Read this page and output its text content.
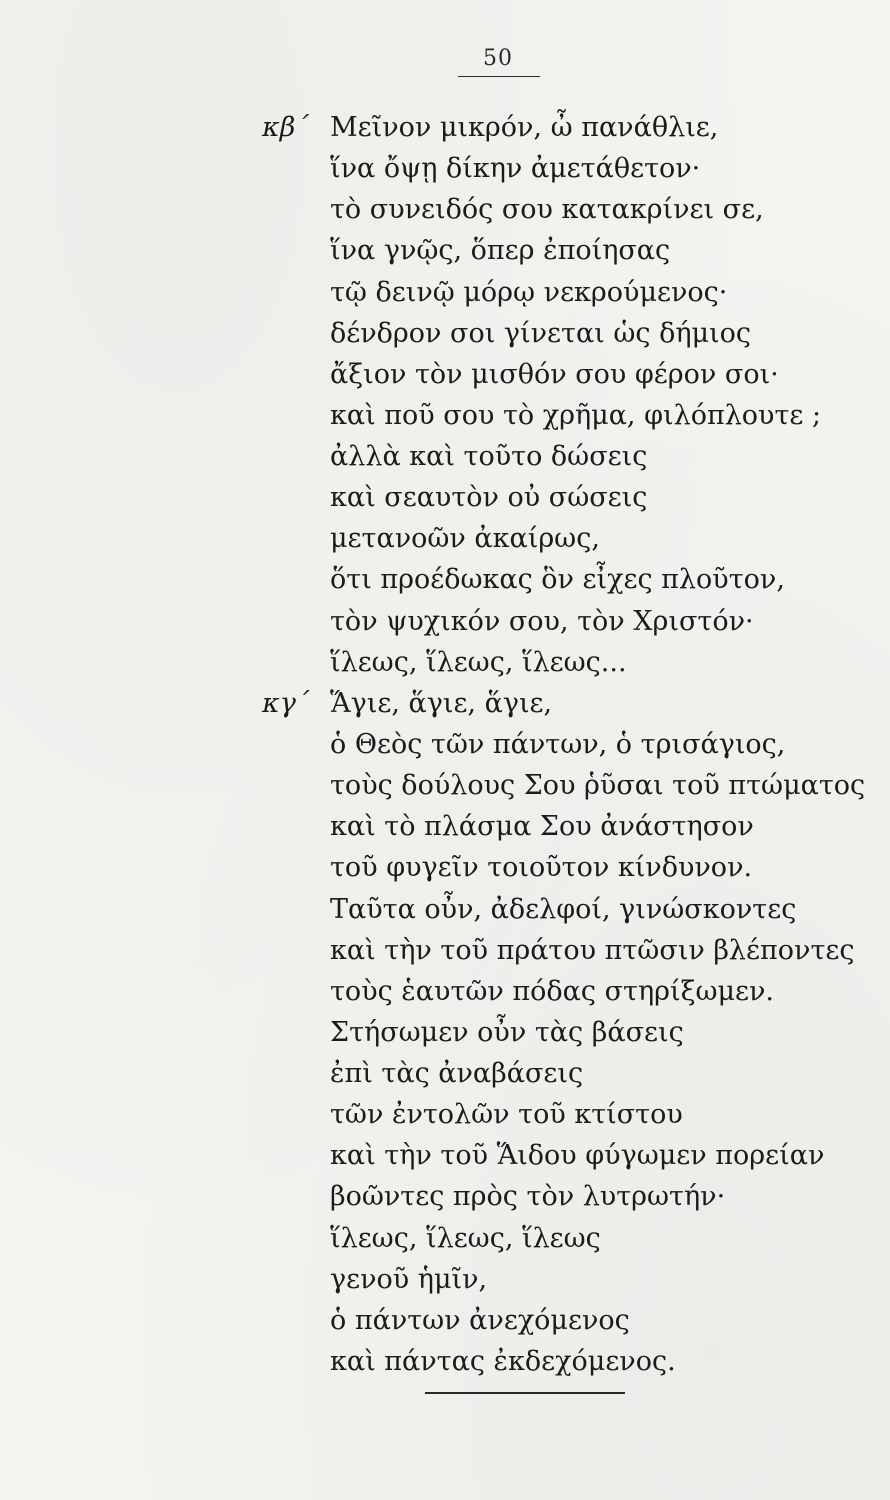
50
κβ΄ Μεῖνον μικρόν, ὦ πανάθλιε,
ἵνα ὄψῃ δίκην ἀμετάθετον·
τὸ συνειδός σου κατακρίνει σε,
ἵνα γνῷς, ὅπερ ἐποίησας
τῷ δεινῷ μόρῳ νεκρούμενος·
δένδρον σοι γίνεται ὡς δήμιος
ἄξιον τὸν μισθόν σου φέρον σοι·
καὶ ποῦ σου τὸ χρῆμα, φιλόπλουτε ;
ἀλλὰ καὶ τοῦτο δώσεις
καὶ σεαυτὸν οὐ σώσεις
μετανοῶν ἀκαίρως,
ὅτι προέδωκας ὃν εἶχες πλοῦτον,
τὸν ψυχικόν σου, τὸν Χριστόν·
ἵλεως, ἵλεως, ἵλεως...
κγ΄ Ἅγιε, ἅγιε, ἅγιε,
ὁ Θεὸς τῶν πάντων, ὁ τρισάγιος,
τοὺς δούλους Σου ῥῦσαι τοῦ πτώματος
καὶ τὸ πλάσμα Σου ἀνάστησον
τοῦ φυγεῖν τοιοῦτον κίνδυνον.
Ταῦτα οὖν, ἀδελφοί, γινώσκοντες
καὶ τὴν τοῦ πράτου πτῶσιν βλέποντες
τοὺς ἑαυτῶν πόδας στηρίξωμεν.
Στήσωμεν οὖν τὰς βάσεις
ἐπὶ τὰς ἀναβάσεις
τῶν ἐντολῶν τοῦ κτίστου
καὶ τὴν τοῦ Ἅιδου φύγωμεν πορείαν
βοῶντες πρὸς τὸν λυτρωτήν·
ἵλεως, ἵλεως, ἵλεως
γενοῦ ἡμῖν,
ὁ πάντων ἀνεχόμενος
καὶ πάντας ἐκδεχόμενος.
